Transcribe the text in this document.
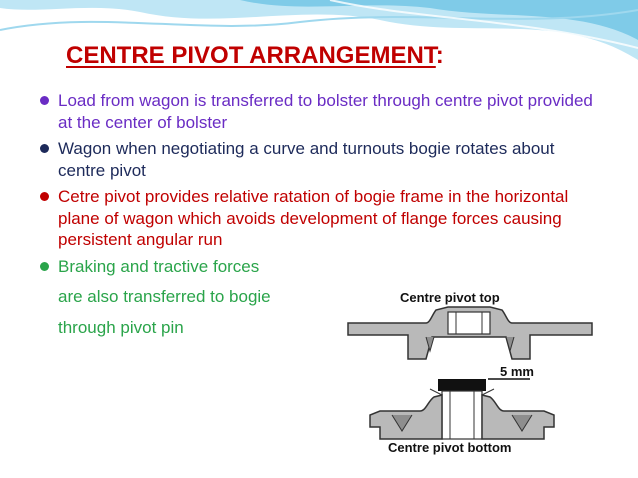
CENTRE PIVOT ARRANGEMENT:
Load from wagon is transferred to bolster through centre pivot provided at the center of bolster
Wagon when negotiating a curve and turnouts bogie rotates about centre pivot
Cetre pivot provides relative ratation of bogie frame in the horizontal plane of wagon which avoids development of flange forces causing persistent angular run
Braking and tractive forces
are also transferred to bogie
through pivot pin
Centre pivot top
5 mm
Centre pivot bottom
